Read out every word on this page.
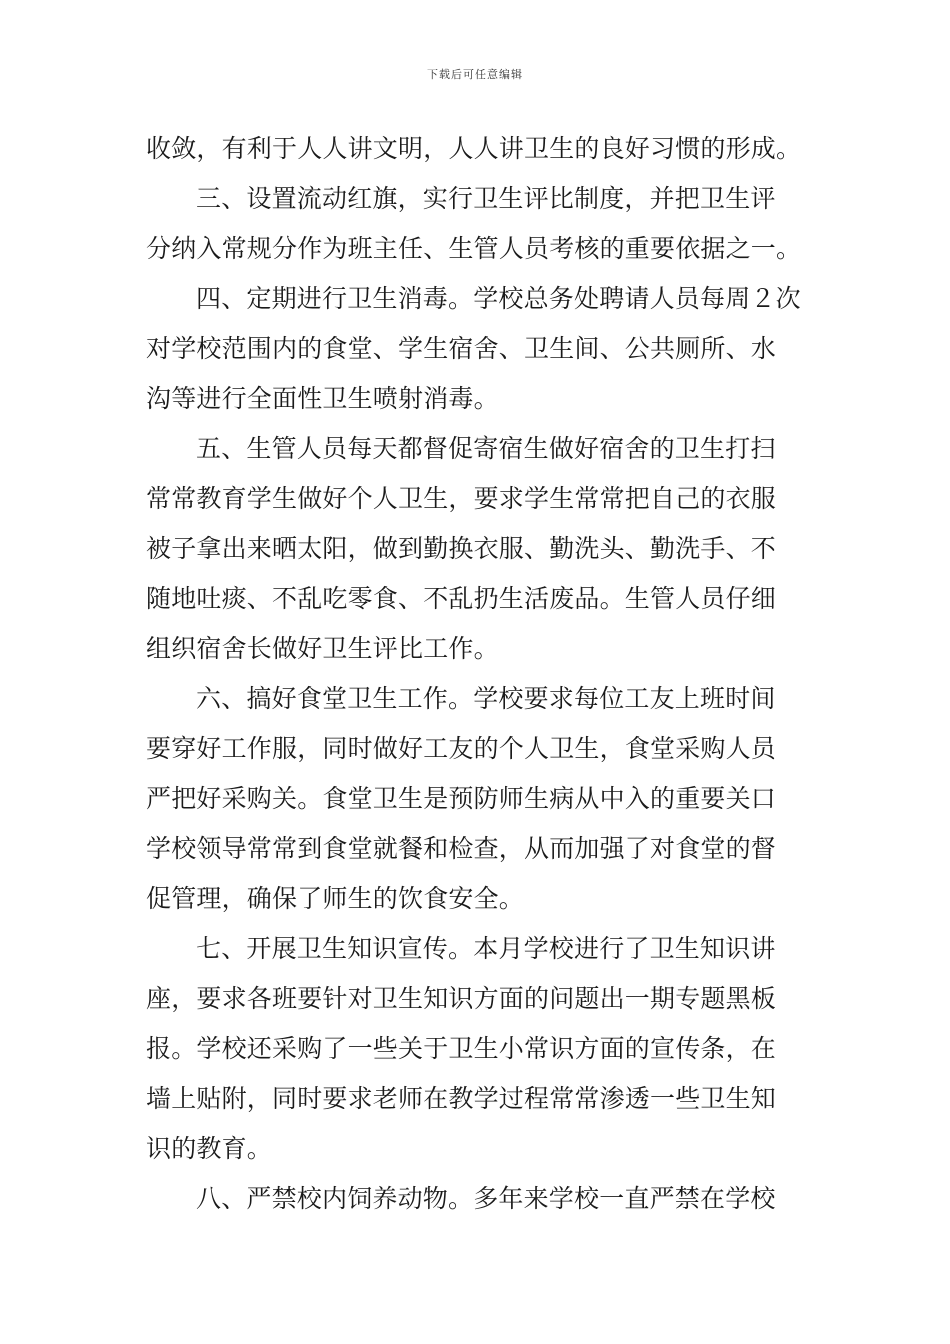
下载后可任意编辑
收敛，有利于人人讲文明，人人讲卫生的良好习惯的形成。
三、设置流动红旗，实行卫生评比制度，并把卫生评
分纳入常规分作为班主任、生管人员考核的重要依据之一。
四、定期进行卫生消毒。学校总务处聘请人员每周２次
对学校范围内的食堂、学生宿舍、卫生间、公共厕所、水
沟等进行全面性卫生喷射消毒。
五、生管人员每天都督促寄宿生做好宿舍的卫生打扫
常常教育学生做好个人卫生，要求学生常常把自己的衣服
被子拿出来晒太阳，做到勤换衣服、勤洗头、勤洗手、不
随地吐痰、不乱吃零食、不乱扔生活废品。生管人员仔细
组织宿舍长做好卫生评比工作。
六、搞好食堂卫生工作。学校要求每位工友上班时间
要穿好工作服，同时做好工友的个人卫生，食堂采购人员
严把好采购关。食堂卫生是预防师生病从中入的重要关口
学校领导常常到食堂就餐和检查，从而加强了对食堂的督
促管理，确保了师生的饮食安全。
七、开展卫生知识宣传。本月学校进行了卫生知识讲
座，要求各班要针对卫生知识方面的问题出一期专题黑板
报。学校还采购了一些关于卫生小常识方面的宣传条，在
墙上贴附，同时要求老师在教学过程常常渗透一些卫生知
识的教育。
八、严禁校内饲养动物。多年来学校一直严禁在学校
